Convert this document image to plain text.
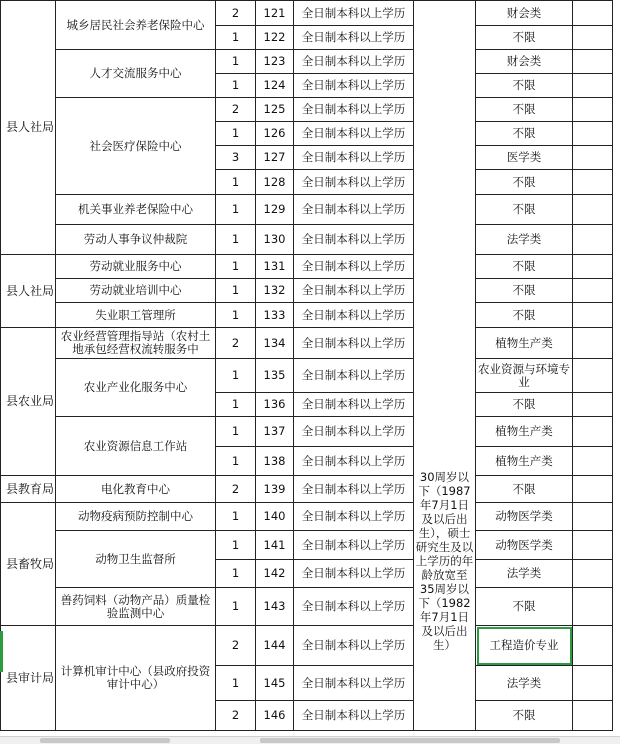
县人社局	城乡居民社会养老保险中心	2	121	全日制本科以上学历	30周岁以下（1987年7月1日及以后出生），硕士研究生及以上学历的年龄放宽至35周岁以下（1982年7月1日及以后出生）	财会类	
		1	122	全日制本科以上学历		不限	
	人才交流服务中心	1	123	全日制本科以上学历		财会类	
		1	124	全日制本科以上学历		不限	
	社会医疗保险中心	2	125	全日制本科以上学历		不限	
		1	126	全日制本科以上学历		不限	
		3	127	全日制本科以上学历		医学类	
		1	128	全日制本科以上学历		不限	
	机关事业养老保险中心	1	129	全日制本科以上学历		不限	
	劳动人事争议仲裁院	1	130	全日制本科以上学历		法学类	
县人社局	劳动就业服务中心	1	131	全日制本科以上学历		不限	
	劳动就业培训中心	1	132	全日制本科以上学历		不限	
	失业职工管理所	1	133	全日制本科以上学历		不限	
县农业局	农业经营管理指导站（农村土地承包经营权流转服务中	2	134	全日制本科以上学历		植物生产类	
	农业产业化服务中心	1	135	全日制本科以上学历		农业资源与环境专业	
		1	136	全日制本科以上学历		不限	
	农业资源信息工作站	1	137	全日制本科以上学历		植物生产类	
		1	138	全日制本科以上学历		植物生产类	
县教育局	电化教育中心	2	139	全日制本科以上学历		不限	
县畜牧局	动物疫病预防控制中心	1	140	全日制本科以上学历		动物医学类	
	动物卫生监督所	1	141	全日制本科以上学历		动物医学类	
		1	142	全日制本科以上学历		法学类	
	兽药饲料（动物产品）质量检验监测中心	1	143	全日制本科以上学历		不限	
县审计局	计算机审计中心（县政府投资审计中心）	2	144	全日制本科以上学历		工程造价专业	
		1	145	全日制本科以上学历		法学类	
		2	146	全日制本科以上学历		不限	
